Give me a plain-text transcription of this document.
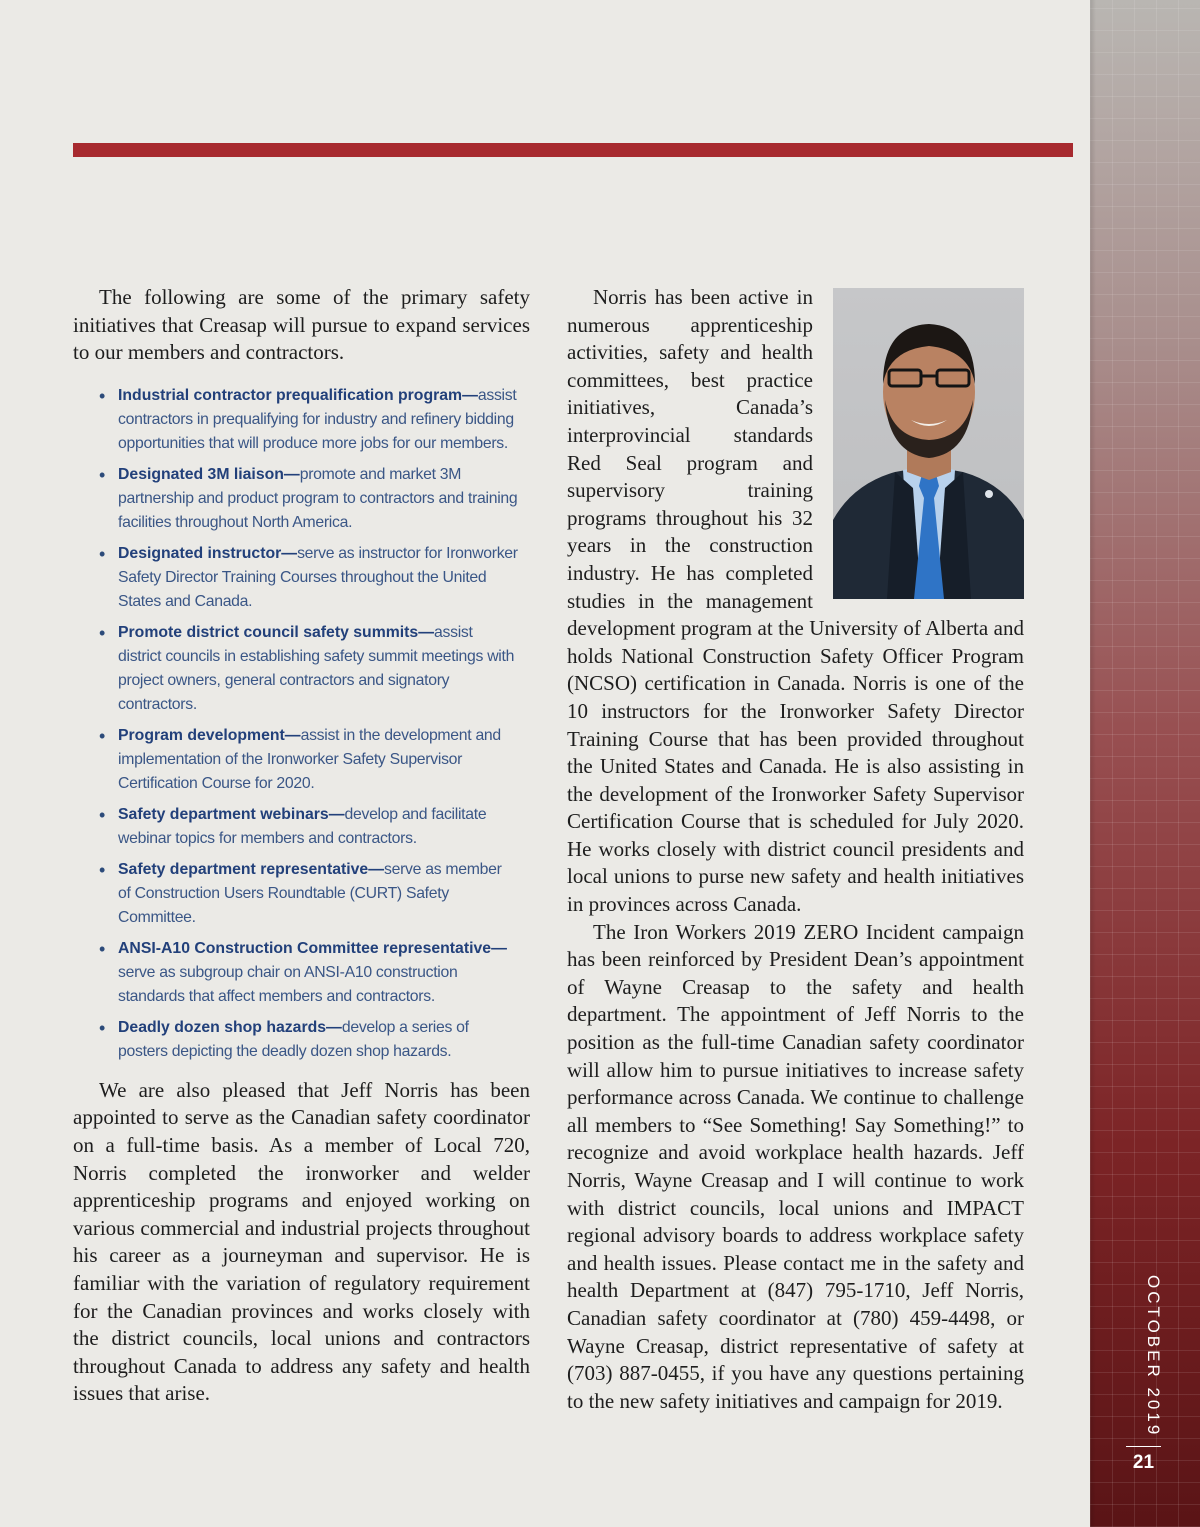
The following are some of the primary safety initiatives that Creasap will pursue to expand services to our members and contractors.

• Industrial contractor prequalification program—assist contractors in prequalifying for industry and refinery bidding opportunities that will produce more jobs for our members.
• Designated 3M liaison—promote and market 3M partnership and product program to contractors and training facilities throughout North America.
• Designated instructor—serve as instructor for Ironworker Safety Director Training Courses throughout the United States and Canada.
• Promote district council safety summits—assist district councils in establishing safety summit meetings with project owners, general contractors and signatory contractors.
• Program development—assist in the development and implementation of the Ironworker Safety Supervisor Certification Course for 2020.
• Safety department webinars—develop and facilitate webinar topics for members and contractors.
• Safety department representative—serve as member of Construction Users Roundtable (CURT) Safety Committee.
• ANSI-A10 Construction Committee representative—serve as subgroup chair on ANSI-A10 construction standards that affect members and contractors.
• Deadly dozen shop hazards—develop a series of posters depicting the deadly dozen shop hazards.

We are also pleased that Jeff Norris has been appointed to serve as the Canadian safety coordinator on a full-time basis. As a member of Local 720, Norris completed the ironworker and welder apprenticeship programs and enjoyed working on various commercial and industrial projects throughout his career as a journeyman and supervisor. He is familiar with the variation of regulatory requirement for the Canadian provinces and works closely with the district councils, local unions and contractors throughout Canada to address any safety and health issues that arise.

Norris has been active in numerous apprenticeship activities, safety and health committees, best practice initiatives, Canada’s interprovincial standards Red Seal program and supervisory training programs throughout his 32 years in the construction industry. He has completed studies in the management development program at the University of Alberta and holds National Construction Safety Officer Program (NCSO) certification in Canada. Norris is one of the 10 instructors for the Ironworker Safety Director Training Course that has been provided throughout the United States and Canada. He is also assisting in the development of the Ironworker Safety Supervisor Certification Course that is scheduled for July 2020. He works closely with district council presidents and local unions to purse new safety and health initiatives in provinces across Canada.

The Iron Workers 2019 ZERO Incident campaign has been reinforced by President Dean’s appointment of Wayne Creasap to the safety and health department. The appointment of Jeff Norris to the position as the full-time Canadian safety coordinator will allow him to pursue initiatives to increase safety performance across Canada. We continue to challenge all members to “See Something! Say Something!” to recognize and avoid workplace health hazards. Jeff Norris, Wayne Creasap and I will continue to work with district councils, local unions and IMPACT regional advisory boards to address workplace safety and health issues. Please contact me in the safety and health Department at (847) 795-1710, Jeff Norris, Canadian safety coordinator at (780) 459-4498, or Wayne Creasap, district representative of safety at (703) 887-0455, if you have any questions pertaining to the new safety initiatives and campaign for 2019.	OCTOBER 2019
21
